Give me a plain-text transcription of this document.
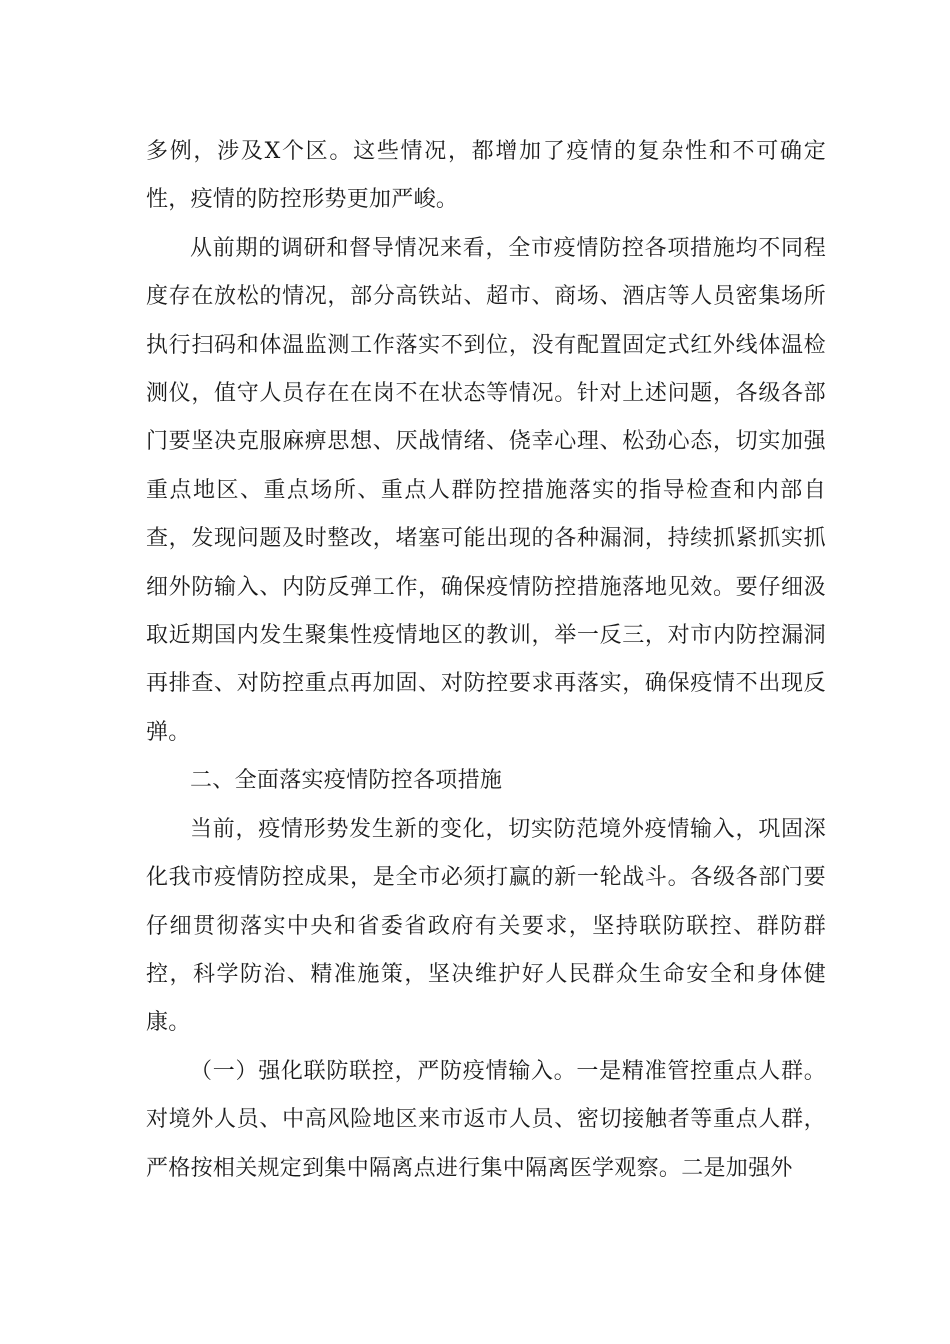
多例，涉及X个区。这些情况，都增加了疫情的复杂性和不可确定性，疫情的防控形势更加严峻。

从前期的调研和督导情况来看，全市疫情防控各项措施均不同程度存在放松的情况，部分高铁站、超市、商场、酒店等人员密集场所执行扫码和体温监测工作落实不到位，没有配置固定式红外线体温检测仪，值守人员存在在岗不在状态等情况。针对上述问题，各级各部门要坚决克服麻痹思想、厌战情绪、侥幸心理、松劲心态，切实加强重点地区、重点场所、重点人群防控措施落实的指导检查和内部自查，发现问题及时整改，堵塞可能出现的各种漏洞，持续抓紧抓实抓细外防输入、内防反弹工作，确保疫情防控措施落地见效。要仔细汲取近期国内发生聚集性疫情地区的教训，举一反三，对市内防控漏洞再排查、对防控重点再加固、对防控要求再落实，确保疫情不出现反弹。

二、全面落实疫情防控各项措施

当前，疫情形势发生新的变化，切实防范境外疫情输入，巩固深化我市疫情防控成果，是全市必须打赢的新一轮战斗。各级各部门要仔细贯彻落实中央和省委省政府有关要求，坚持联防联控、群防群控，科学防治、精准施策，坚决维护好人民群众生命安全和身体健康。

（一）强化联防联控，严防疫情输入。一是精准管控重点人群。对境外人员、中高风险地区来市返市人员、密切接触者等重点人群，严格按相关规定到集中隔离点进行集中隔离医学观察。二是加强外
